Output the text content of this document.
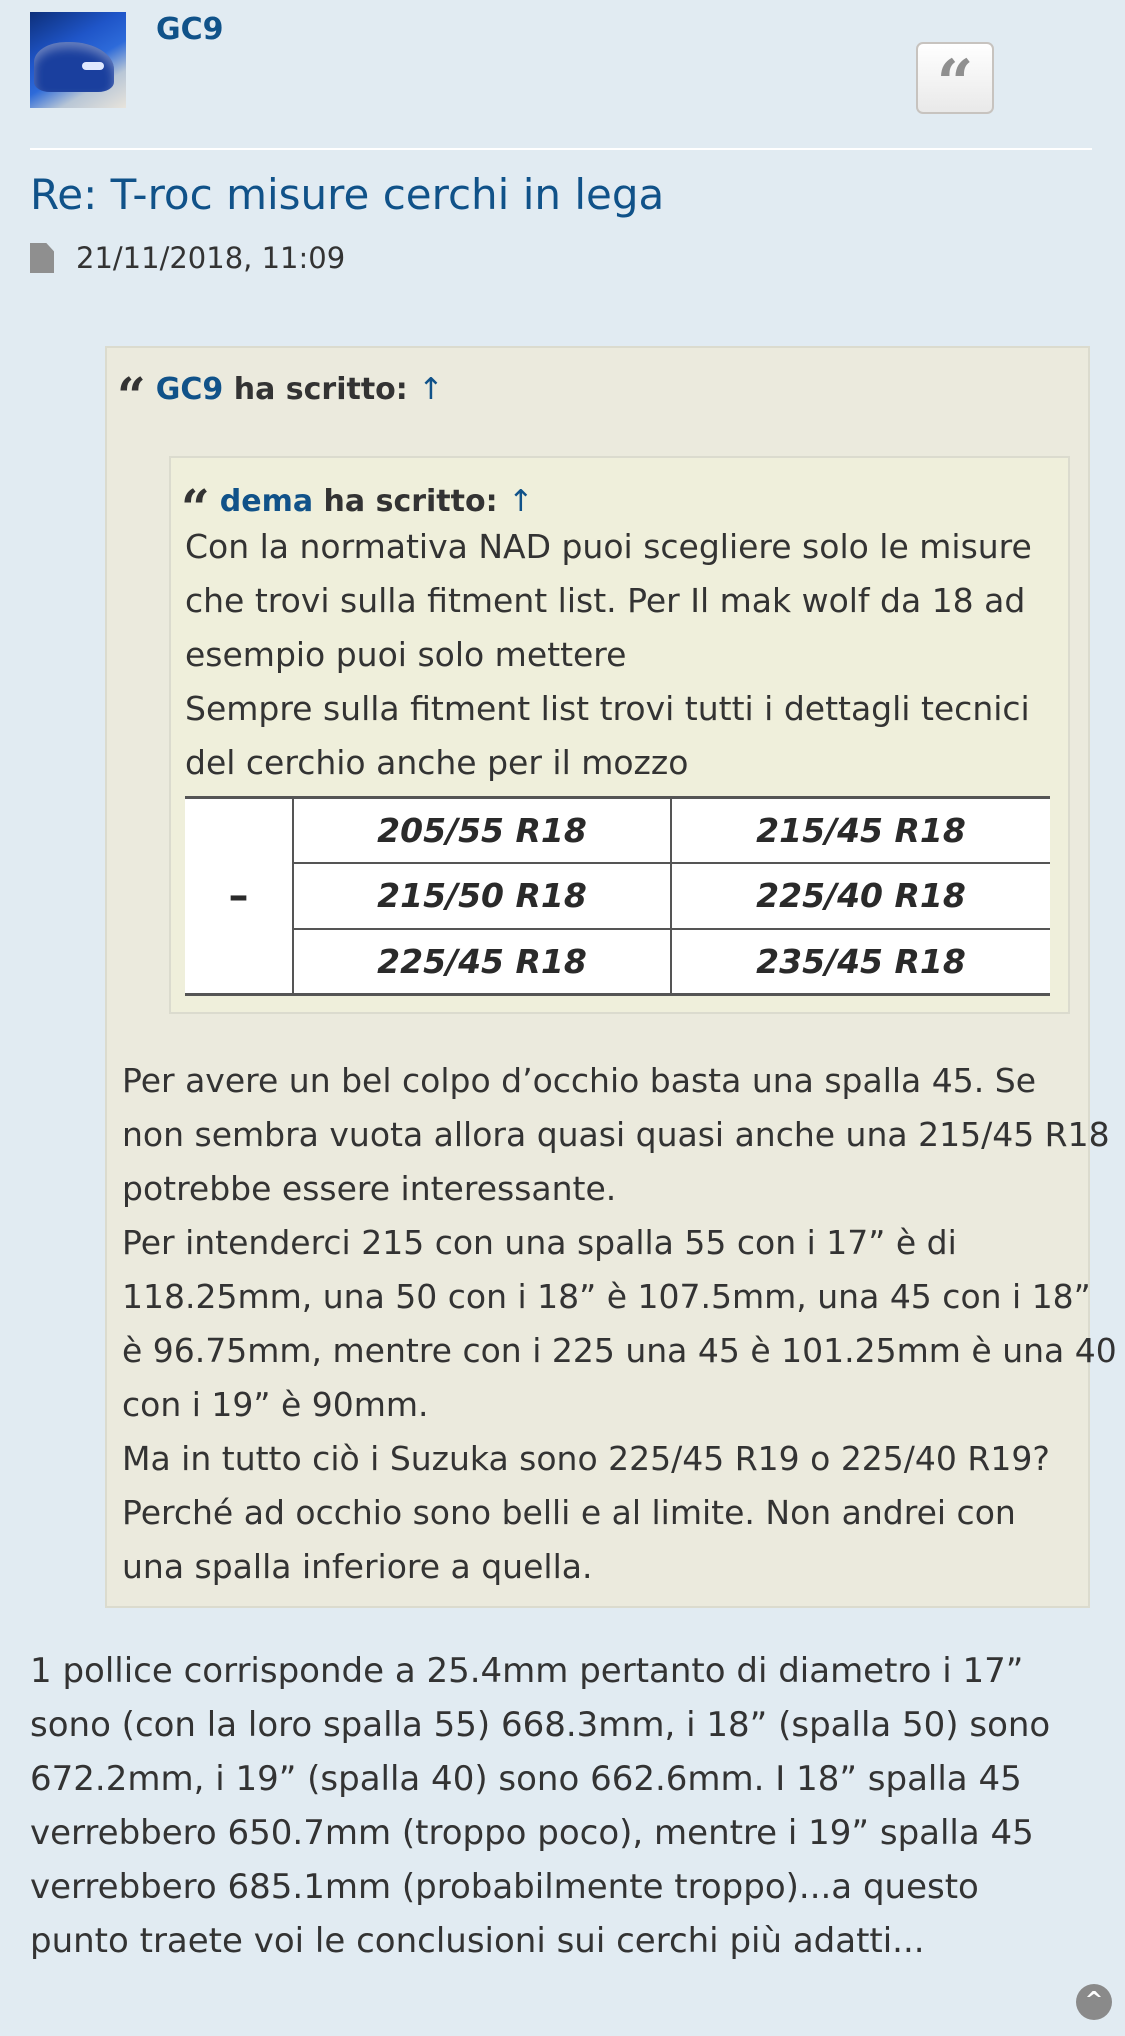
GC9
“
Re: T-roc misure cerchi in lega
21/11/2018, 11:09
“ GC9 ha scritto: ↑
“ dema ha scritto: ↑
Con la normativa NAD puoi scegliere solo le misure
che trovi sulla fitment list. Per Il mak wolf da 18 ad
esempio puoi solo mettere
Sempre sulla fitment list trovi tutti i dettagli tecnici
del cerchio anche per il mozzo
–	205/55 R18	215/45 R18
	215/50 R18	225/40 R18
	225/45 R18	235/45 R18
Per avere un bel colpo d’occhio basta una spalla 45. Se
non sembra vuota allora quasi quasi anche una 215/45 R18
potrebbe essere interessante.
Per intenderci 215 con una spalla 55 con i 17” è di
118.25mm, una 50 con i 18” è 107.5mm, una 45 con i 18”
è 96.75mm, mentre con i 225 una 45 è 101.25mm è una 40
con i 19” è 90mm.
Ma in tutto ciò i Suzuka sono 225/45 R19 o 225/40 R19?
Perché ad occhio sono belli e al limite. Non andrei con
una spalla inferiore a quella.
1 pollice corrisponde a 25.4mm pertanto di diametro i 17”
sono (con la loro spalla 55) 668.3mm, i 18” (spalla 50) sono
672.2mm, i 19” (spalla 40) sono 662.6mm. I 18” spalla 45
verrebbero 650.7mm (troppo poco), mentre i 19” spalla 45
verrebbero 685.1mm (probabilmente troppo)...a questo
punto traete voi le conclusioni sui cerchi più adatti...
^
